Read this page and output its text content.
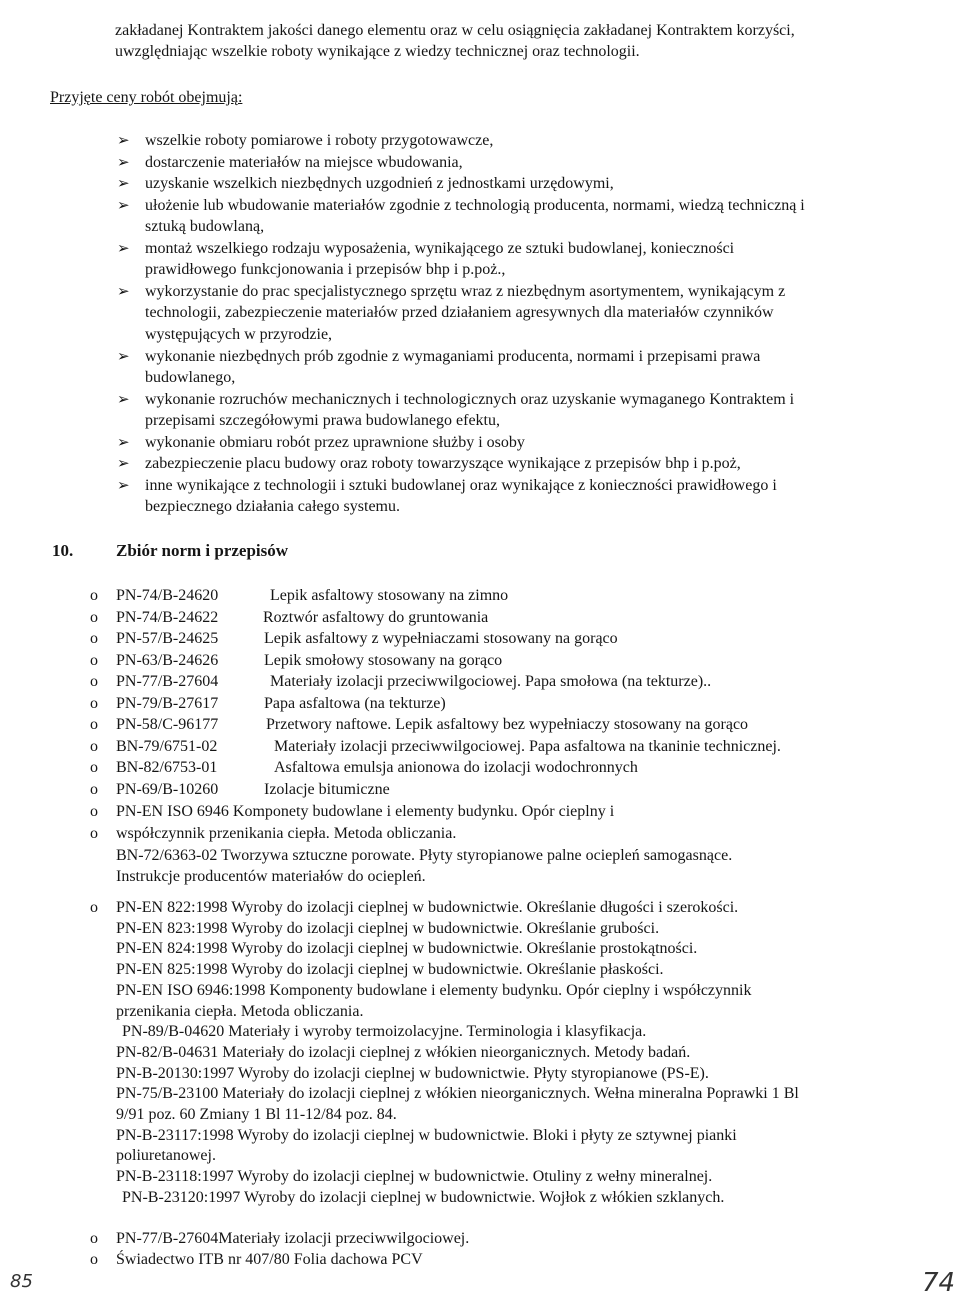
zakładanej Kontraktem jakości danego elementu oraz w celu osiągnięcia zakładanej Kontraktem korzyści,
uwzględniając wszelkie roboty wynikające z wiedzy technicznej oraz technologii.
Przyjęte ceny robót obejmują:
➢ wszelkie roboty pomiarowe i roboty przygotowawcze,
➢ dostarczenie materiałów na miejsce wbudowania,
➢ uzyskanie wszelkich niezbędnych uzgodnień z jednostkami urzędowymi,
➢ ułożenie lub wbudowanie materiałów zgodnie z technologią producenta, normami, wiedzą techniczną i
sztuką budowlaną,
➢ montaż wszelkiego rodzaju wyposażenia, wynikającego ze sztuki budowlanej, konieczności
prawidłowego funkcjonowania i przepisów bhp i p.poż.,
➢ wykorzystanie do prac specjalistycznego sprzętu wraz z niezbędnym asortymentem, wynikającym z
technologii, zabezpieczenie materiałów przed działaniem agresywnych dla materiałów czynników
występujących w przyrodzie,
➢ wykonanie niezbędnych prób zgodnie z wymaganiami producenta, normami i przepisami prawa
budowlanego,
➢ wykonanie rozruchów mechanicznych i technologicznych oraz uzyskanie wymaganego Kontraktem i
przepisami szczegółowymi prawa budowlanego efektu,
➢ wykonanie obmiaru robót przez uprawnione służby i osoby
➢ zabezpieczenie placu budowy oraz roboty towarzyszące wynikające z przepisów bhp i p.poż,
➢ inne wynikające z technologii i sztuki budowlanej oraz wynikające z konieczności prawidłowego i
bezpiecznego działania całego systemu.
10.	Zbiór norm i przepisów
o PN-74/B-24620	Lepik asfaltowy stosowany na zimno
o PN-74/B-24622	Roztwór asfaltowy do gruntowania
o PN-57/B-24625	Lepik asfaltowy z wypełniaczami stosowany na gorąco
o PN-63/B-24626	Lepik smołowy stosowany na gorąco
o PN-77/B-27604	Materiały izolacji przeciwwilgociowej. Papa smołowa (na tekturze)..
o PN-79/B-27617	Papa asfaltowa (na tekturze)
o PN-58/C-96177	Przetwory naftowe. Lepik asfaltowy bez wypełniaczy stosowany na gorąco
o BN-79/6751-02	Materiały izolacji przeciwwilgociowej. Papa asfaltowa na tkaninie technicznej.
o BN-82/6753-01	Asfaltowa emulsja anionowa do izolacji wodochronnych
o PN-69/B-10260	Izolacje bitumiczne
o
o
PN-EN ISO 6946 Komponety budowlane i elementy budynku. Opór cieplny i
współczynnik przenikania ciepła. Metoda obliczania.
BN-72/6363-02 Tworzywa sztuczne porowate. Płyty styropianowe palne ociepleń samogasnące.
Instrukcje producentów materiałów do ociepleń.
o PN-EN 822:1998 Wyroby do izolacji cieplnej w budownictwie. Określanie długości i szerokości.
PN-EN 823:1998 Wyroby do izolacji cieplnej w budownictwie. Określanie grubości.
PN-EN 824:1998 Wyroby do izolacji cieplnej w budownictwie. Określanie prostokątności.
PN-EN 825:1998 Wyroby do izolacji cieplnej w budownictwie. Określanie płaskości.
PN-EN ISO 6946:1998 Komponenty budowlane i elementy budynku. Opór cieplny i współczynnik
przenikania ciepła. Metoda obliczania.
PN-89/B-04620 Materiały i wyroby termoizolacyjne. Terminologia i klasyfikacja.
PN-82/B-04631 Materiały do izolacji cieplnej z włókien nieorganicznych. Metody badań.
PN-B-20130:1997 Wyroby do izolacji cieplnej w budownictwie. Płyty styropianowe (PS-E).
PN-75/B-23100 Materiały do izolacji cieplnej z włókien nieorganicznych. Wełna mineralna Poprawki 1 Bl
9/91 poz. 60 Zmiany 1 Bl 11-12/84 poz. 84.
PN-B-23117:1998 Wyroby do izolacji cieplnej w budownictwie. Bloki i płyty ze sztywnej pianki
poliuretanowej.
PN-B-23118:1997 Wyroby do izolacji cieplnej w budownictwie. Otuliny z wełny mineralnej.
PN-B-23120:1997 Wyroby do izolacji cieplnej w budownictwie. Wojłok z włókien szklanych.
o PN-77/B-27604Materiały izolacji przeciwwilgociowej.
o Świadectwo ITB nr 407/80 Folia dachowa PCV
85	74
